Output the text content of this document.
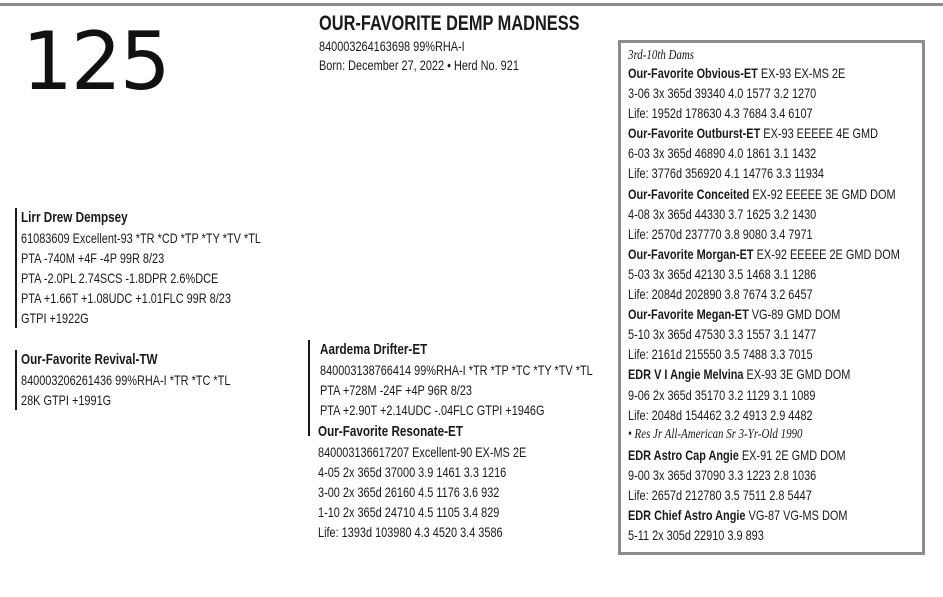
125	OUR-FAVORITE DEMP MADNESS
840003264163698 99%RHA-I
Born: December 27, 2022 • Herd No. 921
Lirr Drew Dempsey
61083609 Excellent-93 *TR *CD *TP *TY *TV *TL
PTA -740M +4F -4P 99R 8/23
PTA -2.0PL 2.74SCS -1.8DPR 2.6%DCE
PTA +1.66T +1.08UDC +1.01FLC 99R 8/23
GTPI +1922G
Our-Favorite Revival-TW
840003206261436 99%RHA-I *TR *TC *TL
28K GTPI +1991G
Aardema Drifter-ET
840003138766414 99%RHA-I *TR *TP *TC *TY *TV *TL
PTA +728M -24F +4P 96R 8/23
PTA +2.90T +2.14UDC -.04FLC GTPI +1946G
Our-Favorite Resonate-ET
840003136617207 Excellent-90 EX-MS 2E
4-05 2x 365d 37000 3.9 1461 3.3 1216
3-00 2x 365d 26160 4.5 1176 3.6 932
1-10 2x 365d 24710 4.5 1105 3.4 829
Life: 1393d 103980 4.3 4520 3.4 3586
3rd-10th Dams
Our-Favorite Obvious-ET EX-93 EX-MS 2E
3-06 3x 365d 39340 4.0 1577 3.2 1270
Life: 1952d 178630 4.3 7684 3.4 6107
Our-Favorite Outburst-ET EX-93 EEEEE 4E GMD
6-03 3x 365d 46890 4.0 1861 3.1 1432
Life: 3776d 356920 4.1 14776 3.3 11934
Our-Favorite Conceited EX-92 EEEEE 3E GMD DOM
4-08 3x 365d 44330 3.7 1625 3.2 1430
Life: 2570d 237770 3.8 9080 3.4 7971
Our-Favorite Morgan-ET EX-92 EEEEE 2E GMD DOM
5-03 3x 365d 42130 3.5 1468 3.1 1286
Life: 2084d 202890 3.8 7674 3.2 6457
Our-Favorite Megan-ET VG-89 GMD DOM
5-10 3x 365d 47530 3.3 1557 3.1 1477
Life: 2161d 215550 3.5 7488 3.3 7015
EDR V I Angie Melvina EX-93 3E GMD DOM
9-06 2x 365d 35170 3.2 1129 3.1 1089
Life: 2048d 154462 3.2 4913 2.9 4482
• Res Jr All-American Sr 3-Yr-Old 1990
EDR Astro Cap Angie EX-91 2E GMD DOM
9-00 3x 365d 37090 3.3 1223 2.8 1036
Life: 2657d 212780 3.5 7511 2.8 5447
EDR Chief Astro Angie VG-87 VG-MS DOM
5-11 2x 305d 22910 3.9 893
